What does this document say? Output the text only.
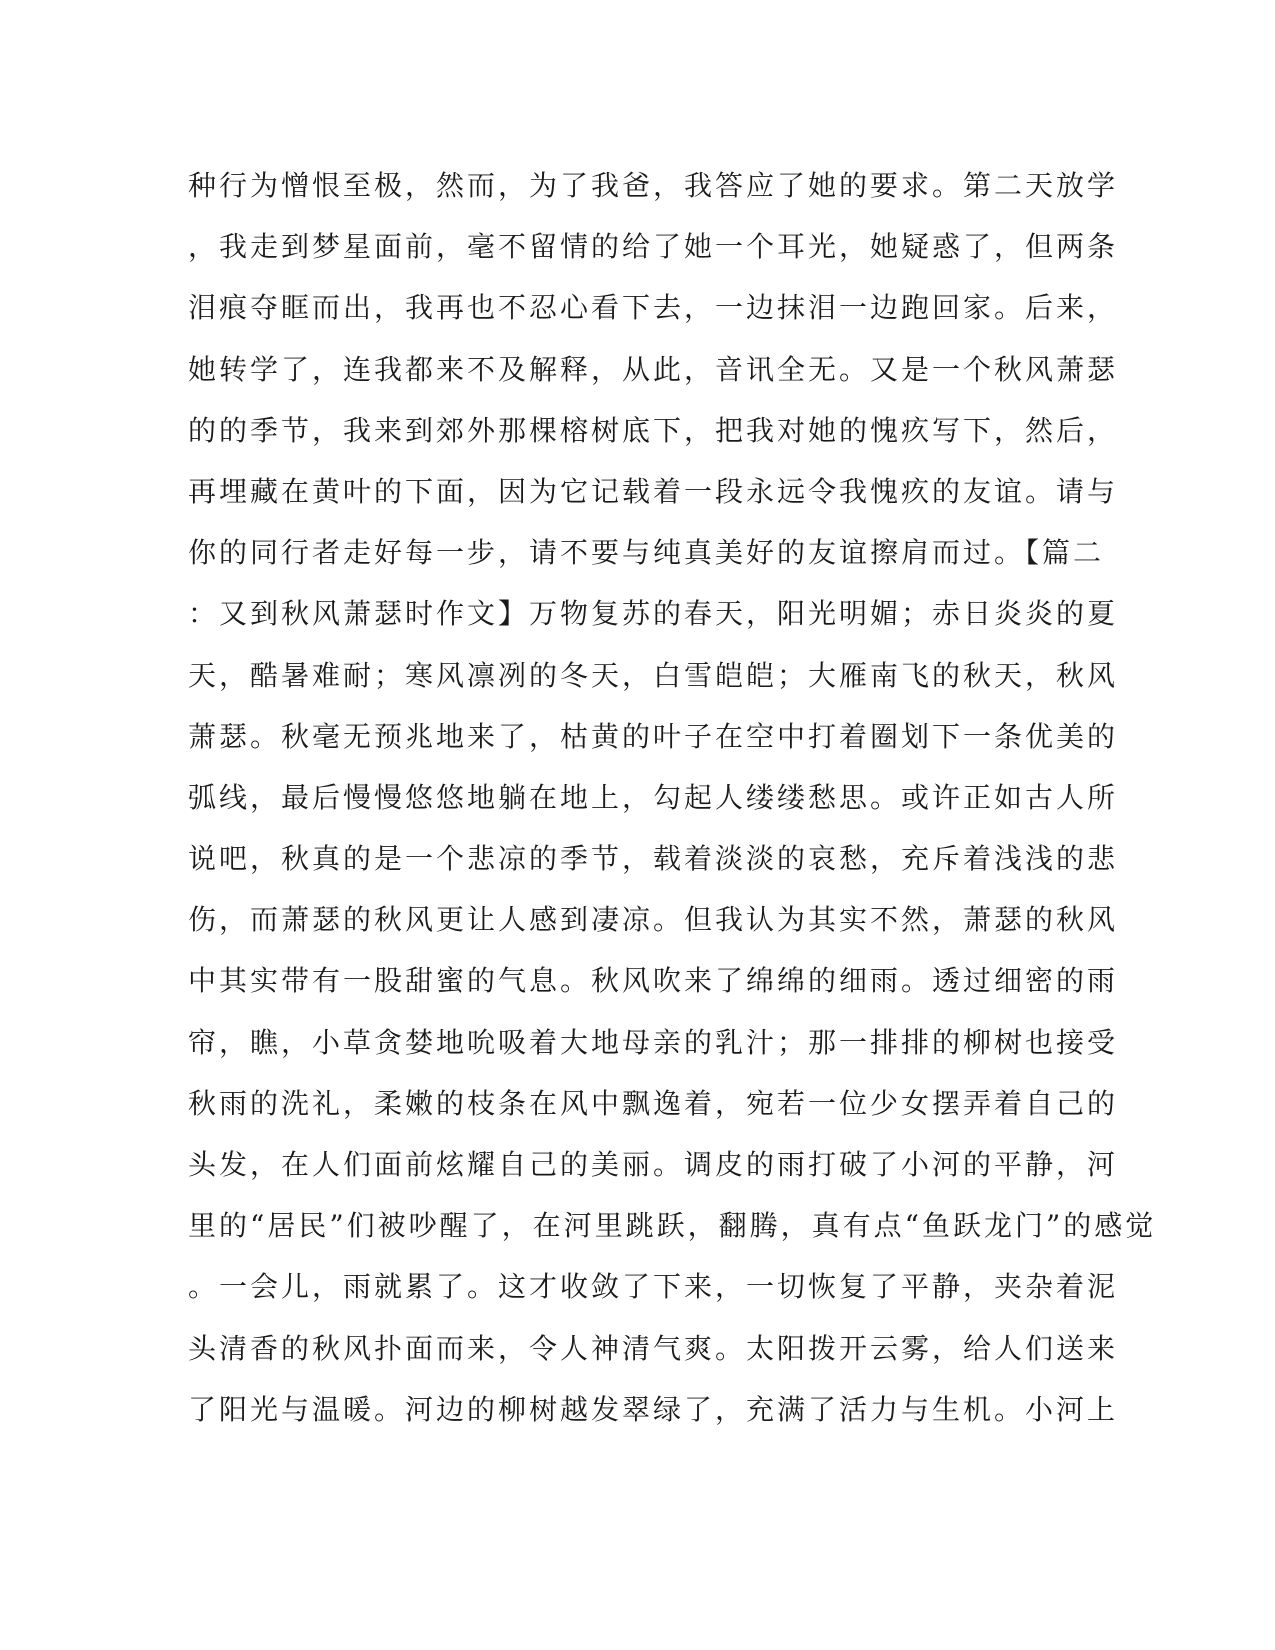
种行为憎恨至极，然而，为了我爸，我答应了她的要求。第二天放学
，我走到梦星面前，毫不留情的给了她一个耳光，她疑惑了，但两条
泪痕夺眶而出，我再也不忍心看下去，一边抹泪一边跑回家。后来，
她转学了，连我都来不及解释，从此，音讯全无。又是一个秋风萧瑟
的的季节，我来到郊外那棵榕树底下，把我对她的愧疚写下，然后，
再埋藏在黄叶的下面，因为它记载着一段永远令我愧疚的友谊。请与
你的同行者走好每一步，请不要与纯真美好的友谊擦肩而过。【篇二
：又到秋风萧瑟时作文】万物复苏的春天，阳光明媚；赤日炎炎的夏
天，酷暑难耐；寒风凛冽的冬天，白雪皑皑；大雁南飞的秋天，秋风
萧瑟。秋毫无预兆地来了，枯黄的叶子在空中打着圈划下一条优美的
弧线，最后慢慢悠悠地躺在地上，勾起人缕缕愁思。或许正如古人所
说吧，秋真的是一个悲凉的季节，载着淡淡的哀愁，充斥着浅浅的悲
伤，而萧瑟的秋风更让人感到凄凉。但我认为其实不然，萧瑟的秋风
中其实带有一股甜蜜的气息。秋风吹来了绵绵的细雨。透过细密的雨
帘，瞧，小草贪婪地吮吸着大地母亲的乳汁；那一排排的柳树也接受
秋雨的洗礼，柔嫩的枝条在风中飘逸着，宛若一位少女摆弄着自己的
头发，在人们面前炫耀自己的美丽。调皮的雨打破了小河的平静，河
里的“居民”们被吵醒了，在河里跳跃，翻腾，真有点“鱼跃龙门”的感觉
。一会儿，雨就累了。这才收敛了下来，一切恢复了平静，夹杂着泥
头清香的秋风扑面而来，令人神清气爽。太阳拨开云雾，给人们送来
了阳光与温暖。河边的柳树越发翠绿了，充满了活力与生机。小河上
